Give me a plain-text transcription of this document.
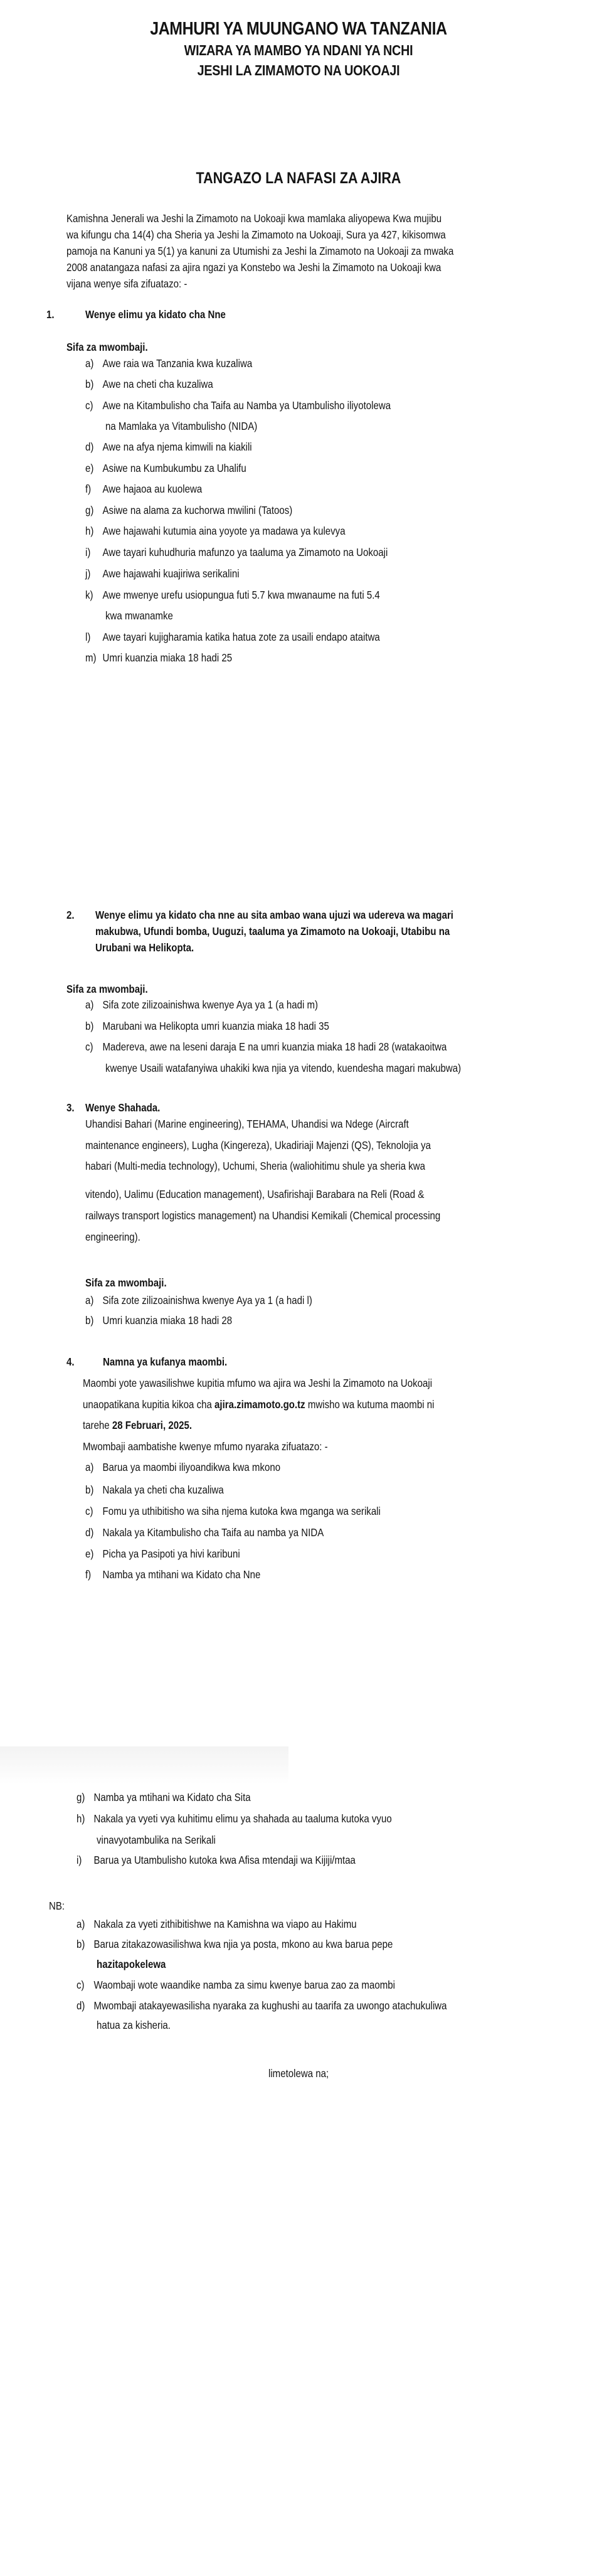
JAMHURI YA MUUNGANO WA TANZANIA
WIZARA YA MAMBO YA NDANI YA NCHI
JESHI LA ZIMAMOTO NA UOKOAJI
TANGAZO LA NAFASI ZA AJIRA
Kamishna Jenerali wa Jeshi la Zimamoto na Uokoaji kwa mamlaka aliyopewa Kwa mujibu
wa kifungu cha 14(4) cha Sheria ya Jeshi la Zimamoto na Uokoaji, Sura ya 427, kikisomwa
pamoja na Kanuni ya 5(1) ya kanuni za Utumishi za Jeshi la Zimamoto na Uokoaji za mwaka
2008 anatangaza nafasi za ajira ngazi ya Konstebo wa Jeshi la Zimamoto na Uokoaji kwa
vijana wenye sifa zifuatazo: -
1.	Wenye elimu ya kidato cha Nne
Sifa za mwombaji.
a) Awe raia wa Tanzania kwa kuzaliwa
b) Awe na cheti cha kuzaliwa
c) Awe na Kitambulisho cha Taifa au Namba ya Utambulisho iliyotolewa
na Mamlaka ya Vitambulisho (NIDA)
d) Awe na afya njema kimwili na kiakili
e) Asiwe na Kumbukumbu za Uhalifu
f) Awe hajaoa au kuolewa
g) Asiwe na alama za kuchorwa mwilini (Tatoos)
h) Awe hajawahi kutumia aina yoyote ya madawa ya kulevya
i) Awe tayari kuhudhuria mafunzo ya taaluma ya Zimamoto na Uokoaji
j) Awe hajawahi kuajiriwa serikalini
k) Awe mwenye urefu usiopungua futi 5.7 kwa mwanaume na futi 5.4
kwa mwanamke
l) Awe tayari kujigharamia katika hatua zote za usaili endapo ataitwa
m) Umri kuanzia miaka 18 hadi 25
2. Wenye elimu ya kidato cha nne au sita ambao wana ujuzi wa udereva wa magari
makubwa, Ufundi bomba, Uuguzi, taaluma ya Zimamoto na Uokoaji, Utabibu na
Urubani wa Helikopta.
Sifa za mwombaji.
a) Sifa zote zilizoainishwa kwenye Aya ya 1 (a hadi m)
b) Marubani wa Helikopta umri kuanzia miaka 18 hadi 35
c) Madereva, awe na leseni daraja E na umri kuanzia miaka 18 hadi 28 (watakaoitwa
kwenye Usaili watafanyiwa uhakiki kwa njia ya vitendo, kuendesha magari makubwa)
3. Wenye Shahada.
Uhandisi Bahari (Marine engineering), TEHAMA, Uhandisi wa Ndege (Aircraft
maintenance engineers), Lugha (Kingereza), Ukadiriaji Majenzi (QS), Teknolojia ya
habari (Multi-media technology), Uchumi, Sheria (waliohitimu shule ya sheria kwa
vitendo), Ualimu (Education management), Usafirishaji Barabara na Reli (Road &
railways transport logistics management) na Uhandisi Kemikali (Chemical processing
engineering).
Sifa za mwombaji.
a) Sifa zote zilizoainishwa kwenye Aya ya 1 (a hadi l)
b) Umri kuanzia miaka 18 hadi 28
4.	Namna ya kufanya maombi.
Maombi yote yawasilishwe kupitia mfumo wa ajira wa Jeshi la Zimamoto na Uokoaji
unaopatikana kupitia kikoa cha ajira.zimamoto.go.tz mwisho wa kutuma maombi ni
tarehe 28 Februari, 2025.
Mwombaji aambatishe kwenye mfumo nyaraka zifuatazo: -
a) Barua ya maombi iliyoandikwa kwa mkono
b) Nakala ya cheti cha kuzaliwa
c) Fomu ya uthibitisho wa siha njema kutoka kwa mganga wa serikali
d) Nakala ya Kitambulisho cha Taifa au namba ya NIDA
e) Picha ya Pasipoti ya hivi karibuni
f) Namba ya mtihani wa Kidato cha Nne
g) Namba ya mtihani wa Kidato cha Sita
h) Nakala ya vyeti vya kuhitimu elimu ya shahada au taaluma kutoka vyuo
vinavyotambulika na Serikali
i) Barua ya Utambulisho kutoka kwa Afisa mtendaji wa Kijiji/mtaa
NB:
a) Nakala za vyeti zithibitishwe na Kamishna wa viapo au Hakimu
b) Barua zitakazowasilishwa kwa njia ya posta, mkono au kwa barua pepe
hazitapokelewa
c) Waombaji wote waandike namba za simu kwenye barua zao za maombi
d) Mwombaji atakayewasilisha nyaraka za kughushi au taarifa za uwongo atachukuliwa
hatua za kisheria.
limetolewa na;
